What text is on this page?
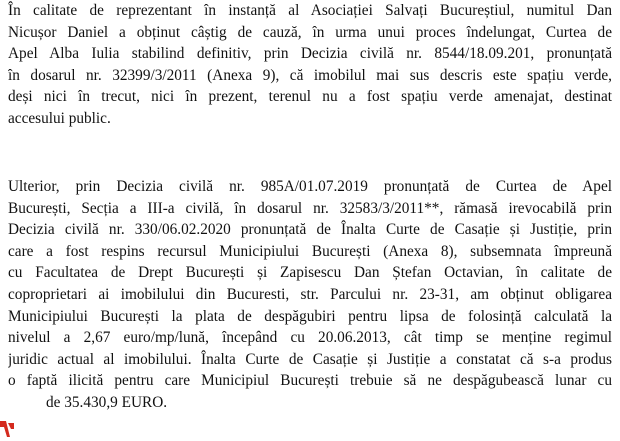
În calitate de reprezentant în instanță al Asociației Salvați Bucureștiul, numitul Dan
Nicușor Daniel a obținut câștig de cauză, în urma unui proces îndelungat, Curtea de
Apel Alba Iulia stabilind definitiv, prin Decizia civilă nr. 8544/18.09.201, pronunțată
în dosarul nr. 32399/3/2011 (Anexa 9), că imobilul mai sus descris este spațiu verde,
deși nici în trecut, nici în prezent, terenul nu a fost spațiu verde amenajat, destinat
accesului public.

Ulterior, prin Decizia civilă nr. 985A/01.07.2019 pronunțată de Curtea de Apel
București, Secția a III-a civilă, în dosarul nr. 32583/3/2011**, rămasă irevocabilă prin
Decizia civilă nr. 330/06.02.2020 pronunțată de Înalta Curte de Casație și Justiție, prin
care a fost respins recursul Municipiului București (Anexa 8), subsemnata împreună
cu Facultatea de Drept București și Zapisescu Dan Ștefan Octavian, în calitate de
coproprietari ai imobilului din Bucuresti, str. Parcului nr. 23-31, am obținut obligarea
Municipiului București la plata de despăgubiri pentru lipsa de folosință calculată la
nivelul a 2,67 euro/mp/lună, începând cu 20.06.2013, cât timp se menține regimul
juridic actual al imobilului. Înalta Curte de Casație și Justiție a constatat că s-a produs
o faptă ilicită pentru care Municipiul București trebuie să ne despăgubească lunar cu
de 35.430,9 EURO.
